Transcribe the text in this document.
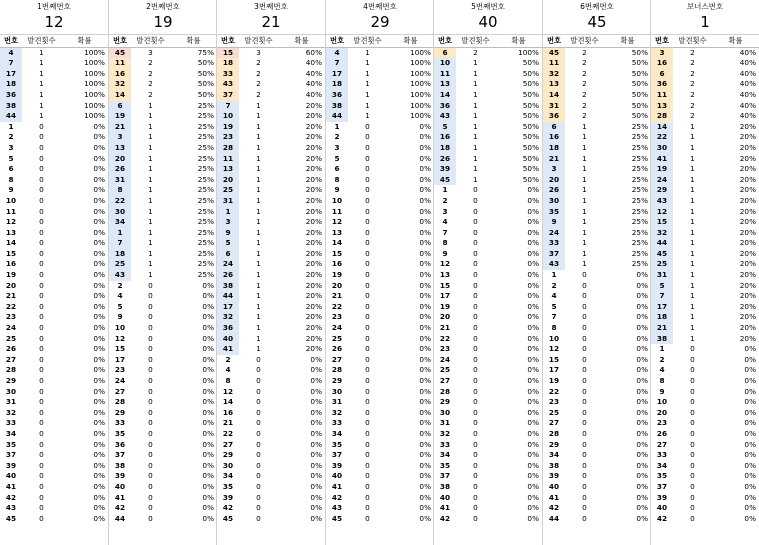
1번째번호
12
번호	발견횟수	확률
4	1	100%
7	1	100%
17	1	100%
18	1	100%
36	1	100%
38	1	100%
44	1	100%
1	0	0%
2	0	0%
3	0	0%
5	0	0%
6	0	0%
8	0	0%
9	0	0%
10	0	0%
11	0	0%
12	0	0%
13	0	0%
14	0	0%
15	0	0%
16	0	0%
19	0	0%
20	0	0%
21	0	0%
22	0	0%
23	0	0%
24	0	0%
25	0	0%
26	0	0%
27	0	0%
28	0	0%
29	0	0%
30	0	0%
31	0	0%
32	0	0%
33	0	0%
34	0	0%
35	0	0%
37	0	0%
39	0	0%
40	0	0%
41	0	0%
42	0	0%
43	0	0%
45	0	0%
2번째번호
19
번호	발견횟수	확률
45	3	75%
11	2	50%
16	2	50%
32	2	50%
14	2	50%
6	1	25%
19	1	25%
21	1	25%
3	1	25%
13	1	25%
20	1	25%
26	1	25%
31	1	25%
8	1	25%
22	1	25%
30	1	25%
34	1	25%
1	1	25%
7	1	25%
18	1	25%
25	1	25%
43	1	25%
2	0	0%
4	0	0%
5	0	0%
9	0	0%
10	0	0%
12	0	0%
15	0	0%
17	0	0%
23	0	0%
24	0	0%
27	0	0%
28	0	0%
29	0	0%
33	0	0%
35	0	0%
36	0	0%
37	0	0%
38	0	0%
39	0	0%
40	0	0%
41	0	0%
42	0	0%
44	0	0%
3번째번호
21
번호	발견횟수	확률
15	3	60%
18	2	40%
33	2	40%
43	2	40%
37	2	40%
7	1	20%
10	1	20%
19	1	20%
23	1	20%
28	1	20%
11	1	20%
13	1	20%
20	1	20%
25	1	20%
31	1	20%
1	1	20%
3	1	20%
9	1	20%
5	1	20%
6	1	20%
24	1	20%
26	1	20%
38	1	20%
44	1	20%
17	1	20%
32	1	20%
36	1	20%
40	1	20%
41	1	20%
2	0	0%
4	0	0%
8	0	0%
12	0	0%
14	0	0%
16	0	0%
21	0	0%
22	0	0%
27	0	0%
29	0	0%
30	0	0%
34	0	0%
35	0	0%
39	0	0%
42	0	0%
45	0	0%
4번째번호
29
번호	발견횟수	확률
4	1	100%
7	1	100%
17	1	100%
18	1	100%
36	1	100%
38	1	100%
44	1	100%
1	0	0%
2	0	0%
3	0	0%
5	0	0%
6	0	0%
8	0	0%
9	0	0%
10	0	0%
11	0	0%
12	0	0%
13	0	0%
14	0	0%
15	0	0%
16	0	0%
19	0	0%
20	0	0%
21	0	0%
22	0	0%
23	0	0%
24	0	0%
25	0	0%
26	0	0%
27	0	0%
28	0	0%
29	0	0%
30	0	0%
31	0	0%
32	0	0%
33	0	0%
34	0	0%
35	0	0%
37	0	0%
39	0	0%
40	0	0%
41	0	0%
42	0	0%
43	0	0%
45	0	0%
5번째번호
40
번호	발견횟수	확률
6	2	100%
10	1	50%
11	1	50%
13	1	50%
14	1	50%
36	1	50%
43	1	50%
5	1	50%
16	1	50%
18	1	50%
26	1	50%
39	1	50%
45	1	50%
1	0	0%
2	0	0%
3	0	0%
4	0	0%
7	0	0%
8	0	0%
9	0	0%
12	0	0%
13	0	0%
15	0	0%
17	0	0%
19	0	0%
20	0	0%
21	0	0%
22	0	0%
23	0	0%
24	0	0%
25	0	0%
27	0	0%
28	0	0%
29	0	0%
30	0	0%
31	0	0%
32	0	0%
33	0	0%
34	0	0%
35	0	0%
37	0	0%
38	0	0%
40	0	0%
41	0	0%
42	0	0%
6번째번호
45
번호	발견횟수	확률
45	2	50%
11	2	50%
32	2	50%
13	2	50%
14	2	50%
31	2	50%
36	2	50%
6	1	25%
16	1	25%
18	1	25%
21	1	25%
3	1	25%
20	1	25%
26	1	25%
30	1	25%
35	1	25%
9	1	25%
24	1	25%
33	1	25%
37	1	25%
43	1	25%
1	0	0%
2	0	0%
4	0	0%
5	0	0%
7	0	0%
8	0	0%
10	0	0%
12	0	0%
15	0	0%
17	0	0%
19	0	0%
22	0	0%
23	0	0%
25	0	0%
27	0	0%
28	0	0%
29	0	0%
34	0	0%
38	0	0%
39	0	0%
40	0	0%
41	0	0%
42	0	0%
44	0	0%
보너스번호
1
번호	발견횟수	확률
3	2	40%
16	2	40%
6	2	40%
36	2	40%
11	2	40%
13	2	40%
28	2	40%
14	1	20%
22	1	20%
30	1	20%
41	1	20%
19	1	20%
24	1	20%
29	1	20%
43	1	20%
12	1	20%
15	1	20%
32	1	20%
44	1	20%
45	1	20%
25	1	20%
31	1	20%
5	1	20%
7	1	20%
17	1	20%
18	1	20%
21	1	20%
38	1	20%
1	0	0%
2	0	0%
4	0	0%
8	0	0%
9	0	0%
10	0	0%
20	0	0%
23	0	0%
26	0	0%
27	0	0%
33	0	0%
34	0	0%
35	0	0%
37	0	0%
39	0	0%
40	0	0%
42	0	0%
